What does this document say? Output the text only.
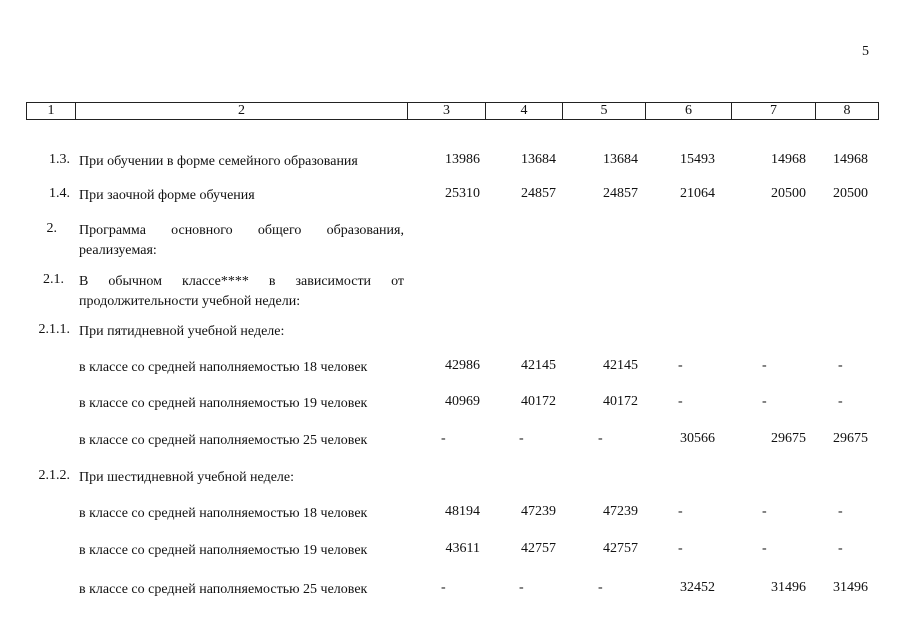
5
1	2	3	4	5	6	7	8
1.3. При обучении в форме семейного образования	13986	13684	13684	15493	14968	14968
1.4. При заочной форме обучения	25310	24857	24857	21064	20500	20500
2. Программа основного общего образования, реализуемая:
2.1. В обычном классе**** в зависимости от продолжительности учебной недели:
2.1.1. При пятидневной учебной неделе:
в классе со средней наполняемостью 18 человек	42986	42145	42145	-	-	-
в классе со средней наполняемостью 19 человек	40969	40172	40172	-	-	-
в классе со средней наполняемостью 25 человек	-	-	-	30566	29675	29675
2.1.2. При шестидневной учебной неделе:
в классе со средней наполняемостью 18 человек	48194	47239	47239	-	-	-
в классе со средней наполняемостью 19 человек	43611	42757	42757	-	-	-
в классе со средней наполняемостью 25 человек	-	-	-	32452	31496	31496
